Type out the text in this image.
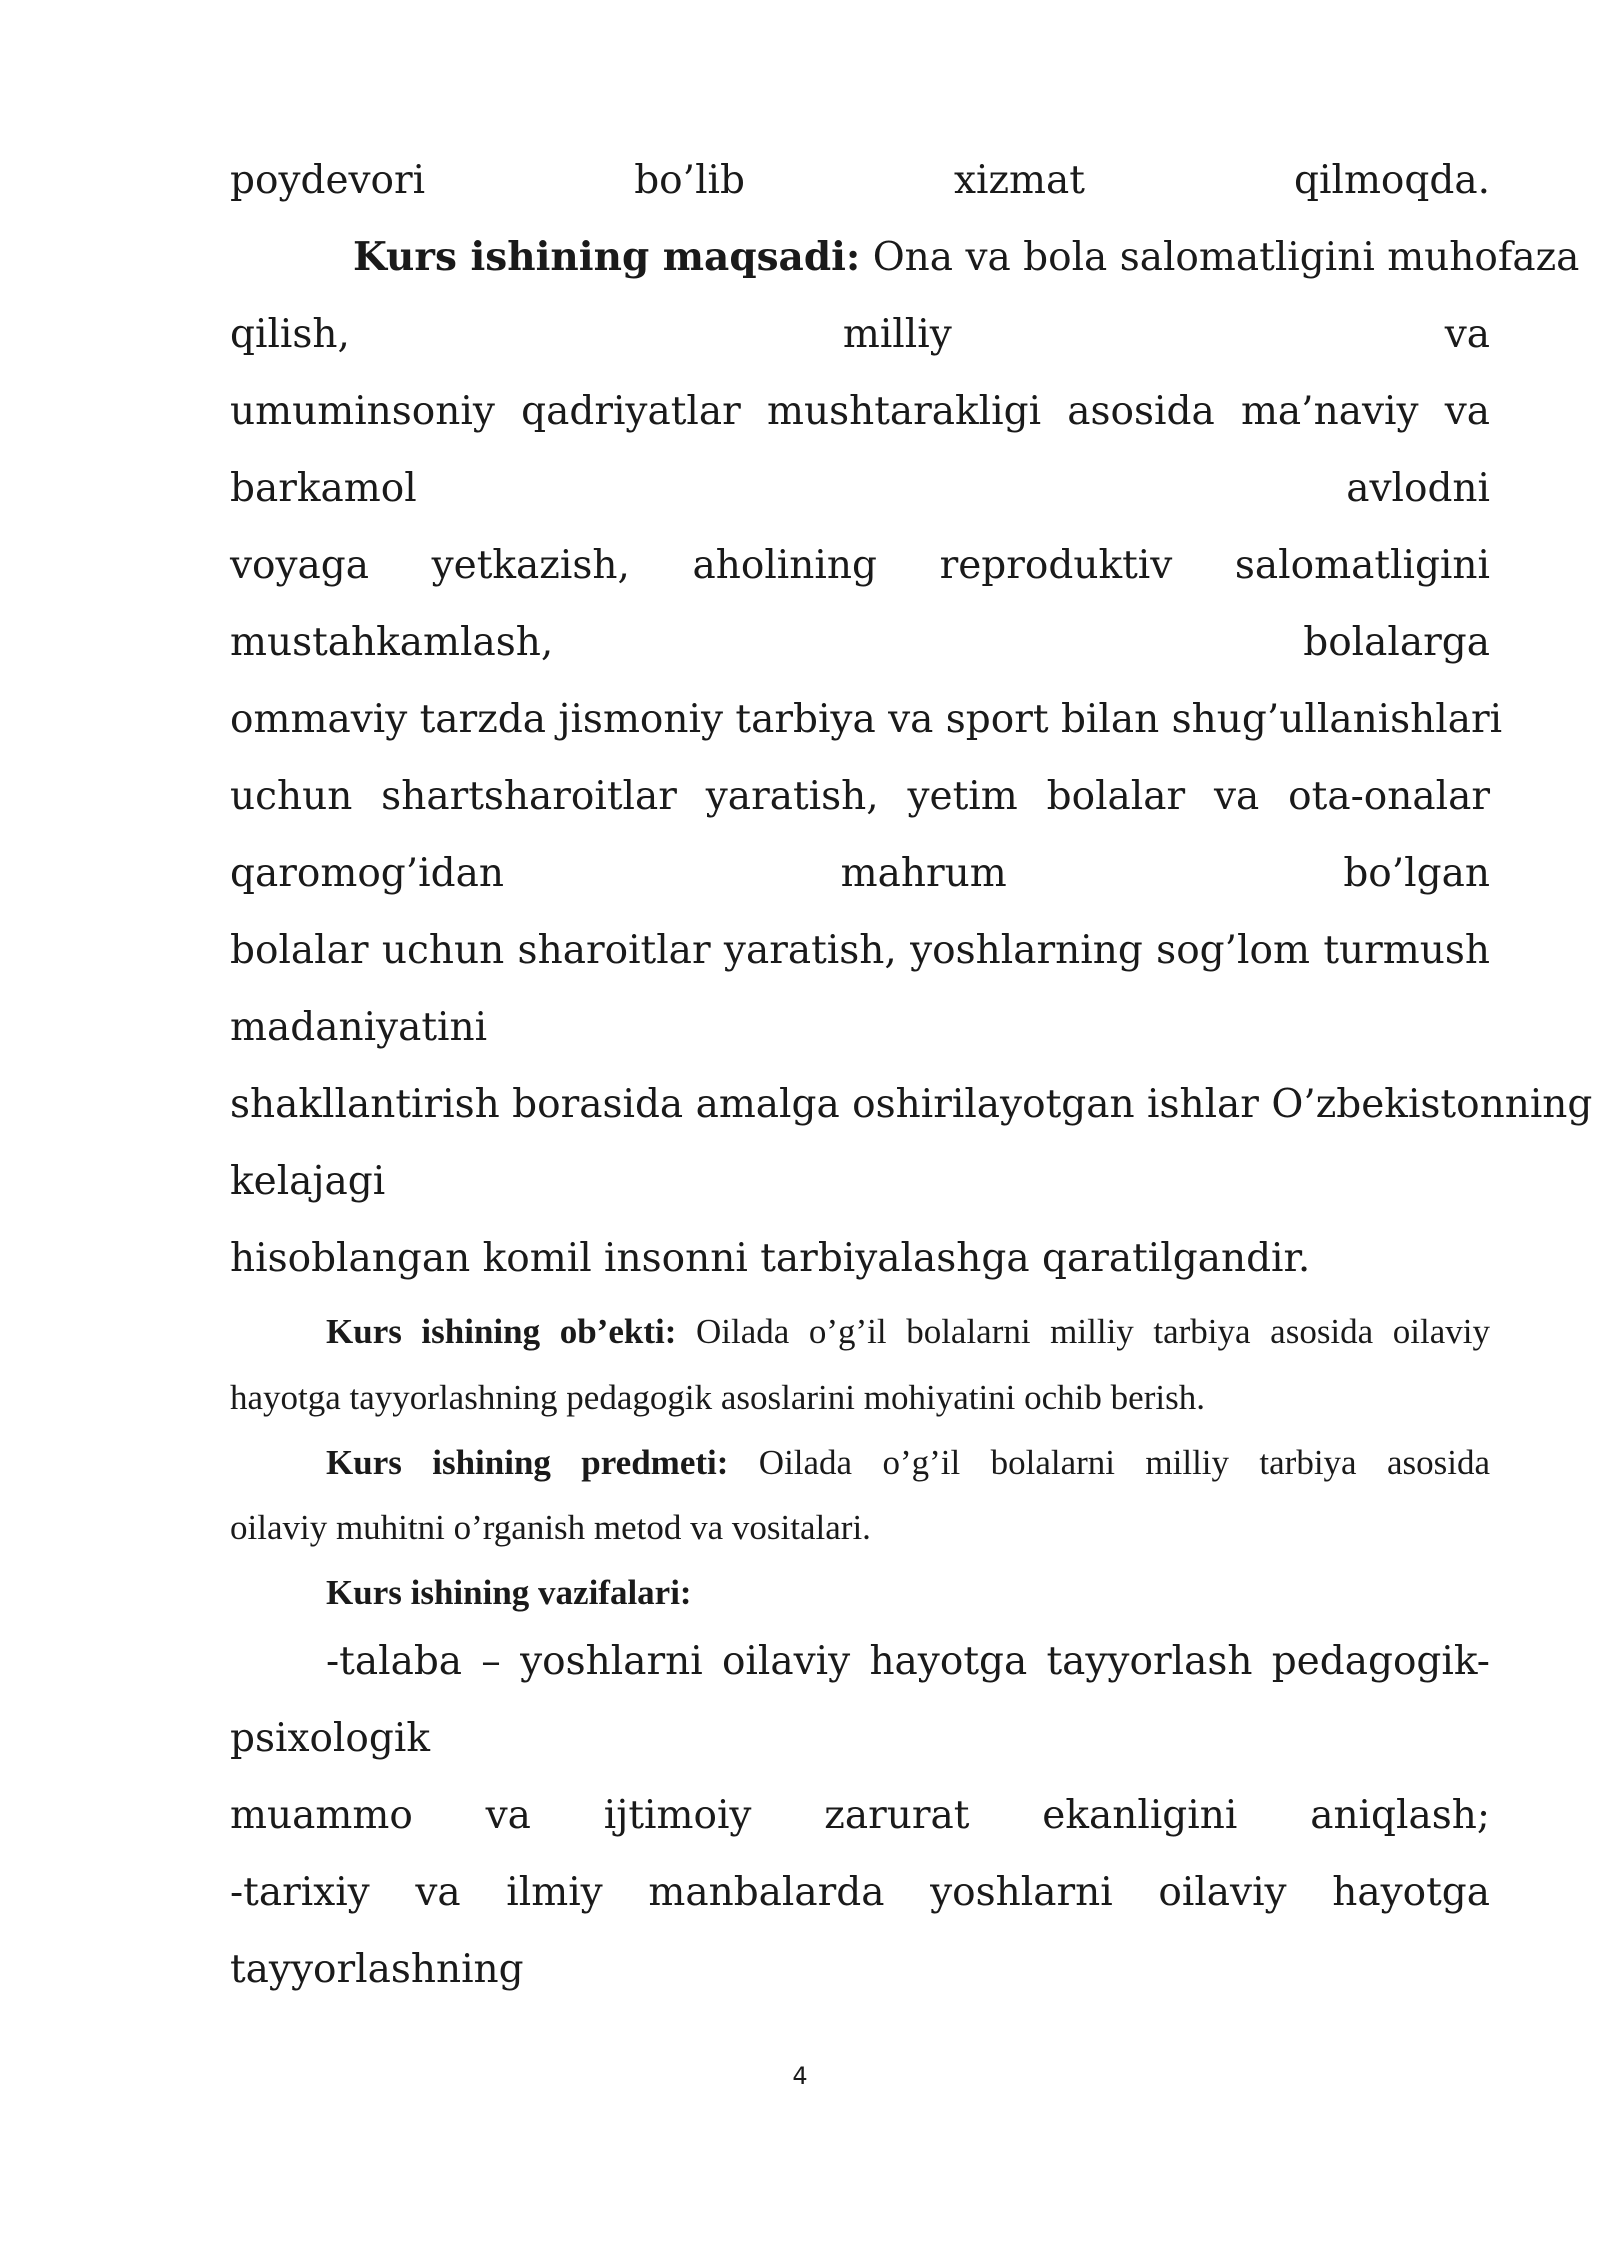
poydevori bo’lib xizmat qilmoqda.
Kurs ishining maqsadi: Ona va bola salomatligini muhofaza
qilish, milliy va
umuminsoniy qadriyatlar mushtarakligi asosida ma’naviy va
barkamol avlodni
voyaga yetkazish, aholining reproduktiv salomatligini
mustahkamlash, bolalarga
ommaviy tarzda jismoniy tarbiya va sport bilan shug’ullanishlari
uchun shartsharoitlar yaratish, yetim bolalar va ota-onalar
qaromog’idan mahrum bo’lgan
bolalar uchun sharoitlar yaratish, yoshlarning sog’lom turmush
madaniyatini
shakllantirish borasida amalga oshirilayotgan ishlar O’zbekistonning
kelajagi
hisoblangan komil insonni tarbiyalashga qaratilgandir.
Kurs ishining ob’ekti: Oilada o’g’il bolalarni milliy tarbiya asosida oilaviy
hayotga tayyorlashning pedagogik asoslarini mohiyatini ochib berish.
Kurs ishining predmeti: Oilada o’g’il bolalarni milliy tarbiya asosida
oilaviy muhitni o’rganish metod va vositalari.
Kurs ishining vazifalari:
-talaba – yoshlarni oilaviy hayotga tayyorlash pedagogik-
psixologik
muammo va ijtimoiy zarurat ekanligini aniqlash;
-tarixiy va ilmiy manbalarda yoshlarni oilaviy hayotga
tayyorlashning
4
